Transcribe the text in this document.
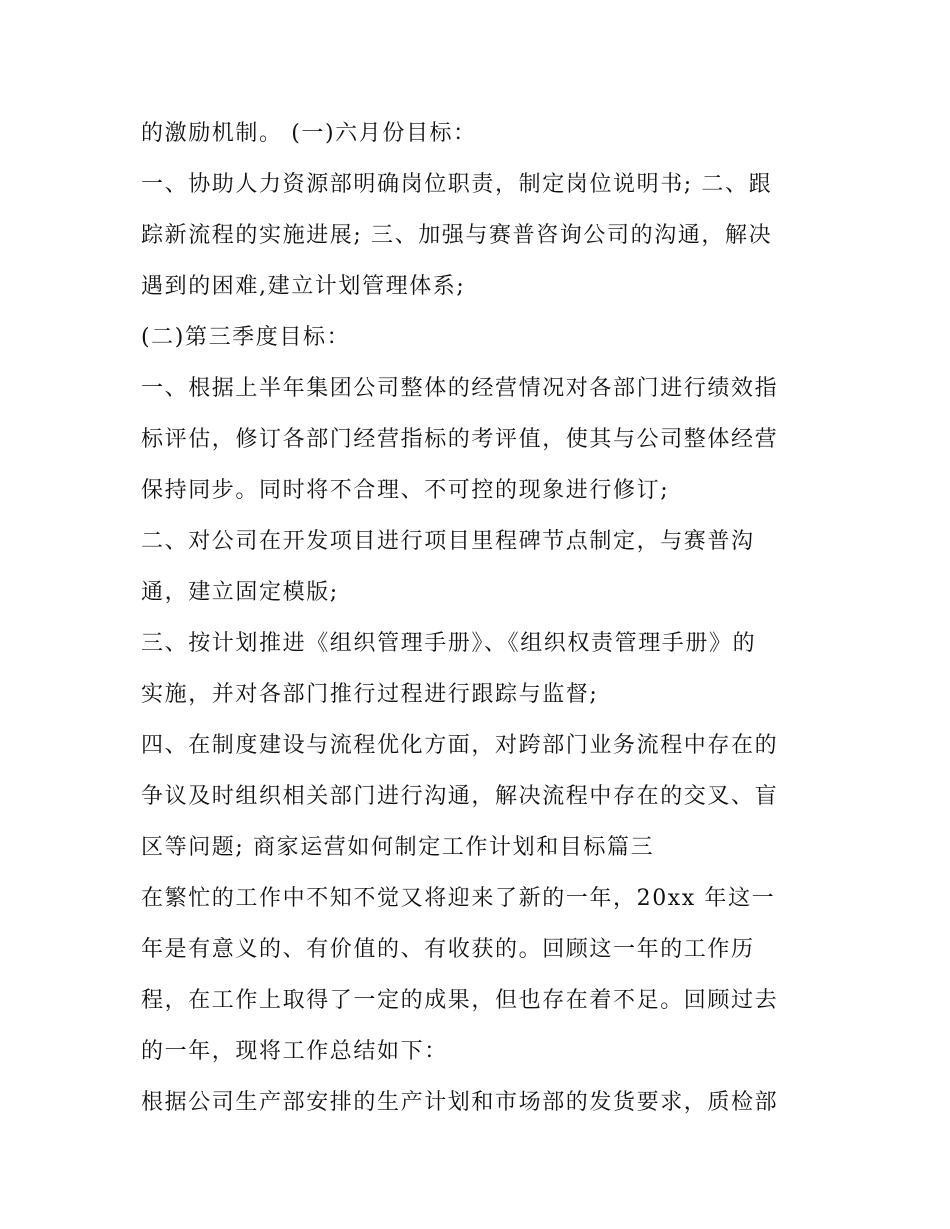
的激励机制。 (一)六月份目标：
一、协助人力资源部明确岗位职责，制定岗位说明书; 二、跟
踪新流程的实施进展; 三、加强与赛普咨询公司的沟通，解决
遇到的困难,建立计划管理体系;
(二)第三季度目标：
一、根据上半年集团公司整体的经营情况对各部门进行绩效指
标评估，修订各部门经营指标的考评值，使其与公司整体经营
保持同步。同时将不合理、不可控的现象进行修订;
二、对公司在开发项目进行项目里程碑节点制定，与赛普沟
通，建立固定模版;
三、按计划推进《组织管理手册》、《组织权责管理手册》的
实施，并对各部门推行过程进行跟踪与监督;
四、在制度建设与流程优化方面，对跨部门业务流程中存在的
争议及时组织相关部门进行沟通，解决流程中存在的交叉、盲
区等问题; 商家运营如何制定工作计划和目标篇三
在繁忙的工作中不知不觉又将迎来了新的一年，20xx 年这一
年是有意义的、有价值的、有收获的。回顾这一年的工作历
程，在工作上取得了一定的成果，但也存在着不足。回顾过去
的一年，现将工作总结如下：
根据公司生产部安排的生产计划和市场部的发货要求，质检部
